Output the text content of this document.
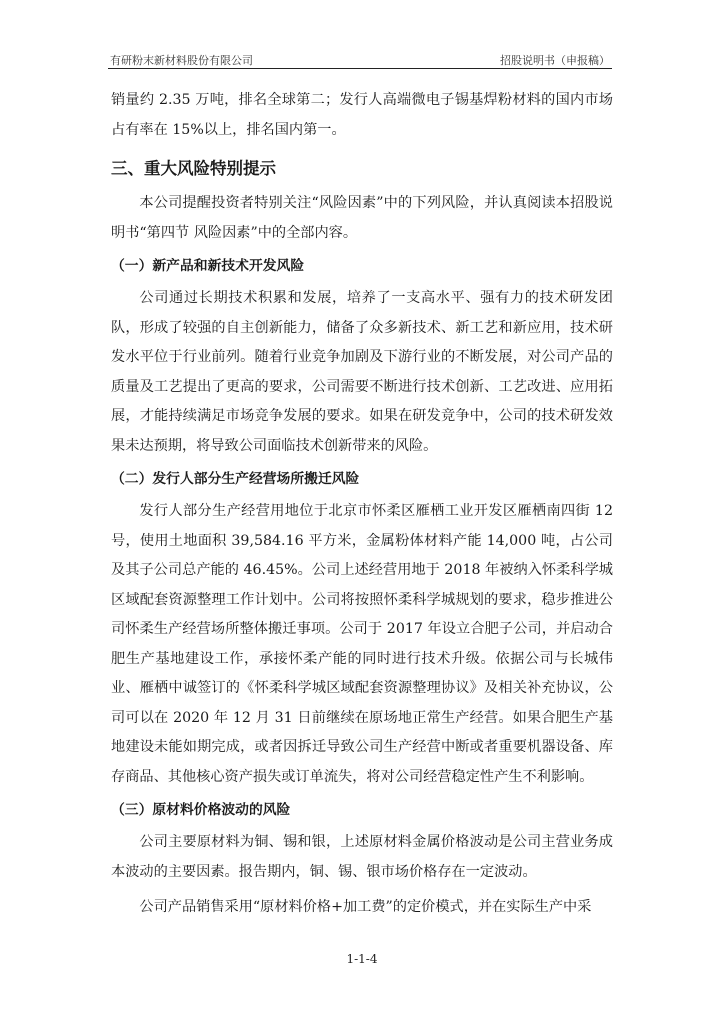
有研粉末新材料股份有限公司	招股说明书（申报稿）

销量约 2.35 万吨，排名全球第二；发行人高端微电子锡基焊粉材料的国内市场占有率在 15%以上，排名国内第一。

三、重大风险特别提示

本公司提醒投资者特别关注“风险因素”中的下列风险，并认真阅读本招股说明书“第四节 风险因素”中的全部内容。

（一）新产品和新技术开发风险

公司通过长期技术积累和发展，培养了一支高水平、强有力的技术研发团队，形成了较强的自主创新能力，储备了众多新技术、新工艺和新应用，技术研发水平位于行业前列。随着行业竞争加剧及下游行业的不断发展，对公司产品的质量及工艺提出了更高的要求，公司需要不断进行技术创新、工艺改进、应用拓展，才能持续满足市场竞争发展的要求。如果在研发竞争中，公司的技术研发效果未达预期，将导致公司面临技术创新带来的风险。

（二）发行人部分生产经营场所搬迁风险

发行人部分生产经营用地位于北京市怀柔区雁栖工业开发区雁栖南四街 12 号，使用土地面积 39,584.16 平方米，金属粉体材料产能 14,000 吨，占公司及其子公司总产能的 46.45%。公司上述经营用地于 2018 年被纳入怀柔科学城区域配套资源整理工作计划中。公司将按照怀柔科学城规划的要求，稳步推进公司怀柔生产经营场所整体搬迁事项。公司于 2017 年设立合肥子公司，并启动合肥生产基地建设工作，承接怀柔产能的同时进行技术升级。依据公司与长城伟业、雁栖中诚签订的《怀柔科学城区域配套资源整理协议》及相关补充协议，公司可以在 2020 年 12 月 31 日前继续在原场地正常生产经营。如果合肥生产基地建设未能如期完成，或者因拆迁导致公司生产经营中断或者重要机器设备、库存商品、其他核心资产损失或订单流失，将对公司经营稳定性产生不利影响。

（三）原材料价格波动的风险

公司主要原材料为铜、锡和银，上述原材料金属价格波动是公司主营业务成本波动的主要因素。报告期内，铜、锡、银市场价格存在一定波动。

公司产品销售采用“原材料价格+加工费”的定价模式，并在实际生产中采

1-1-4
